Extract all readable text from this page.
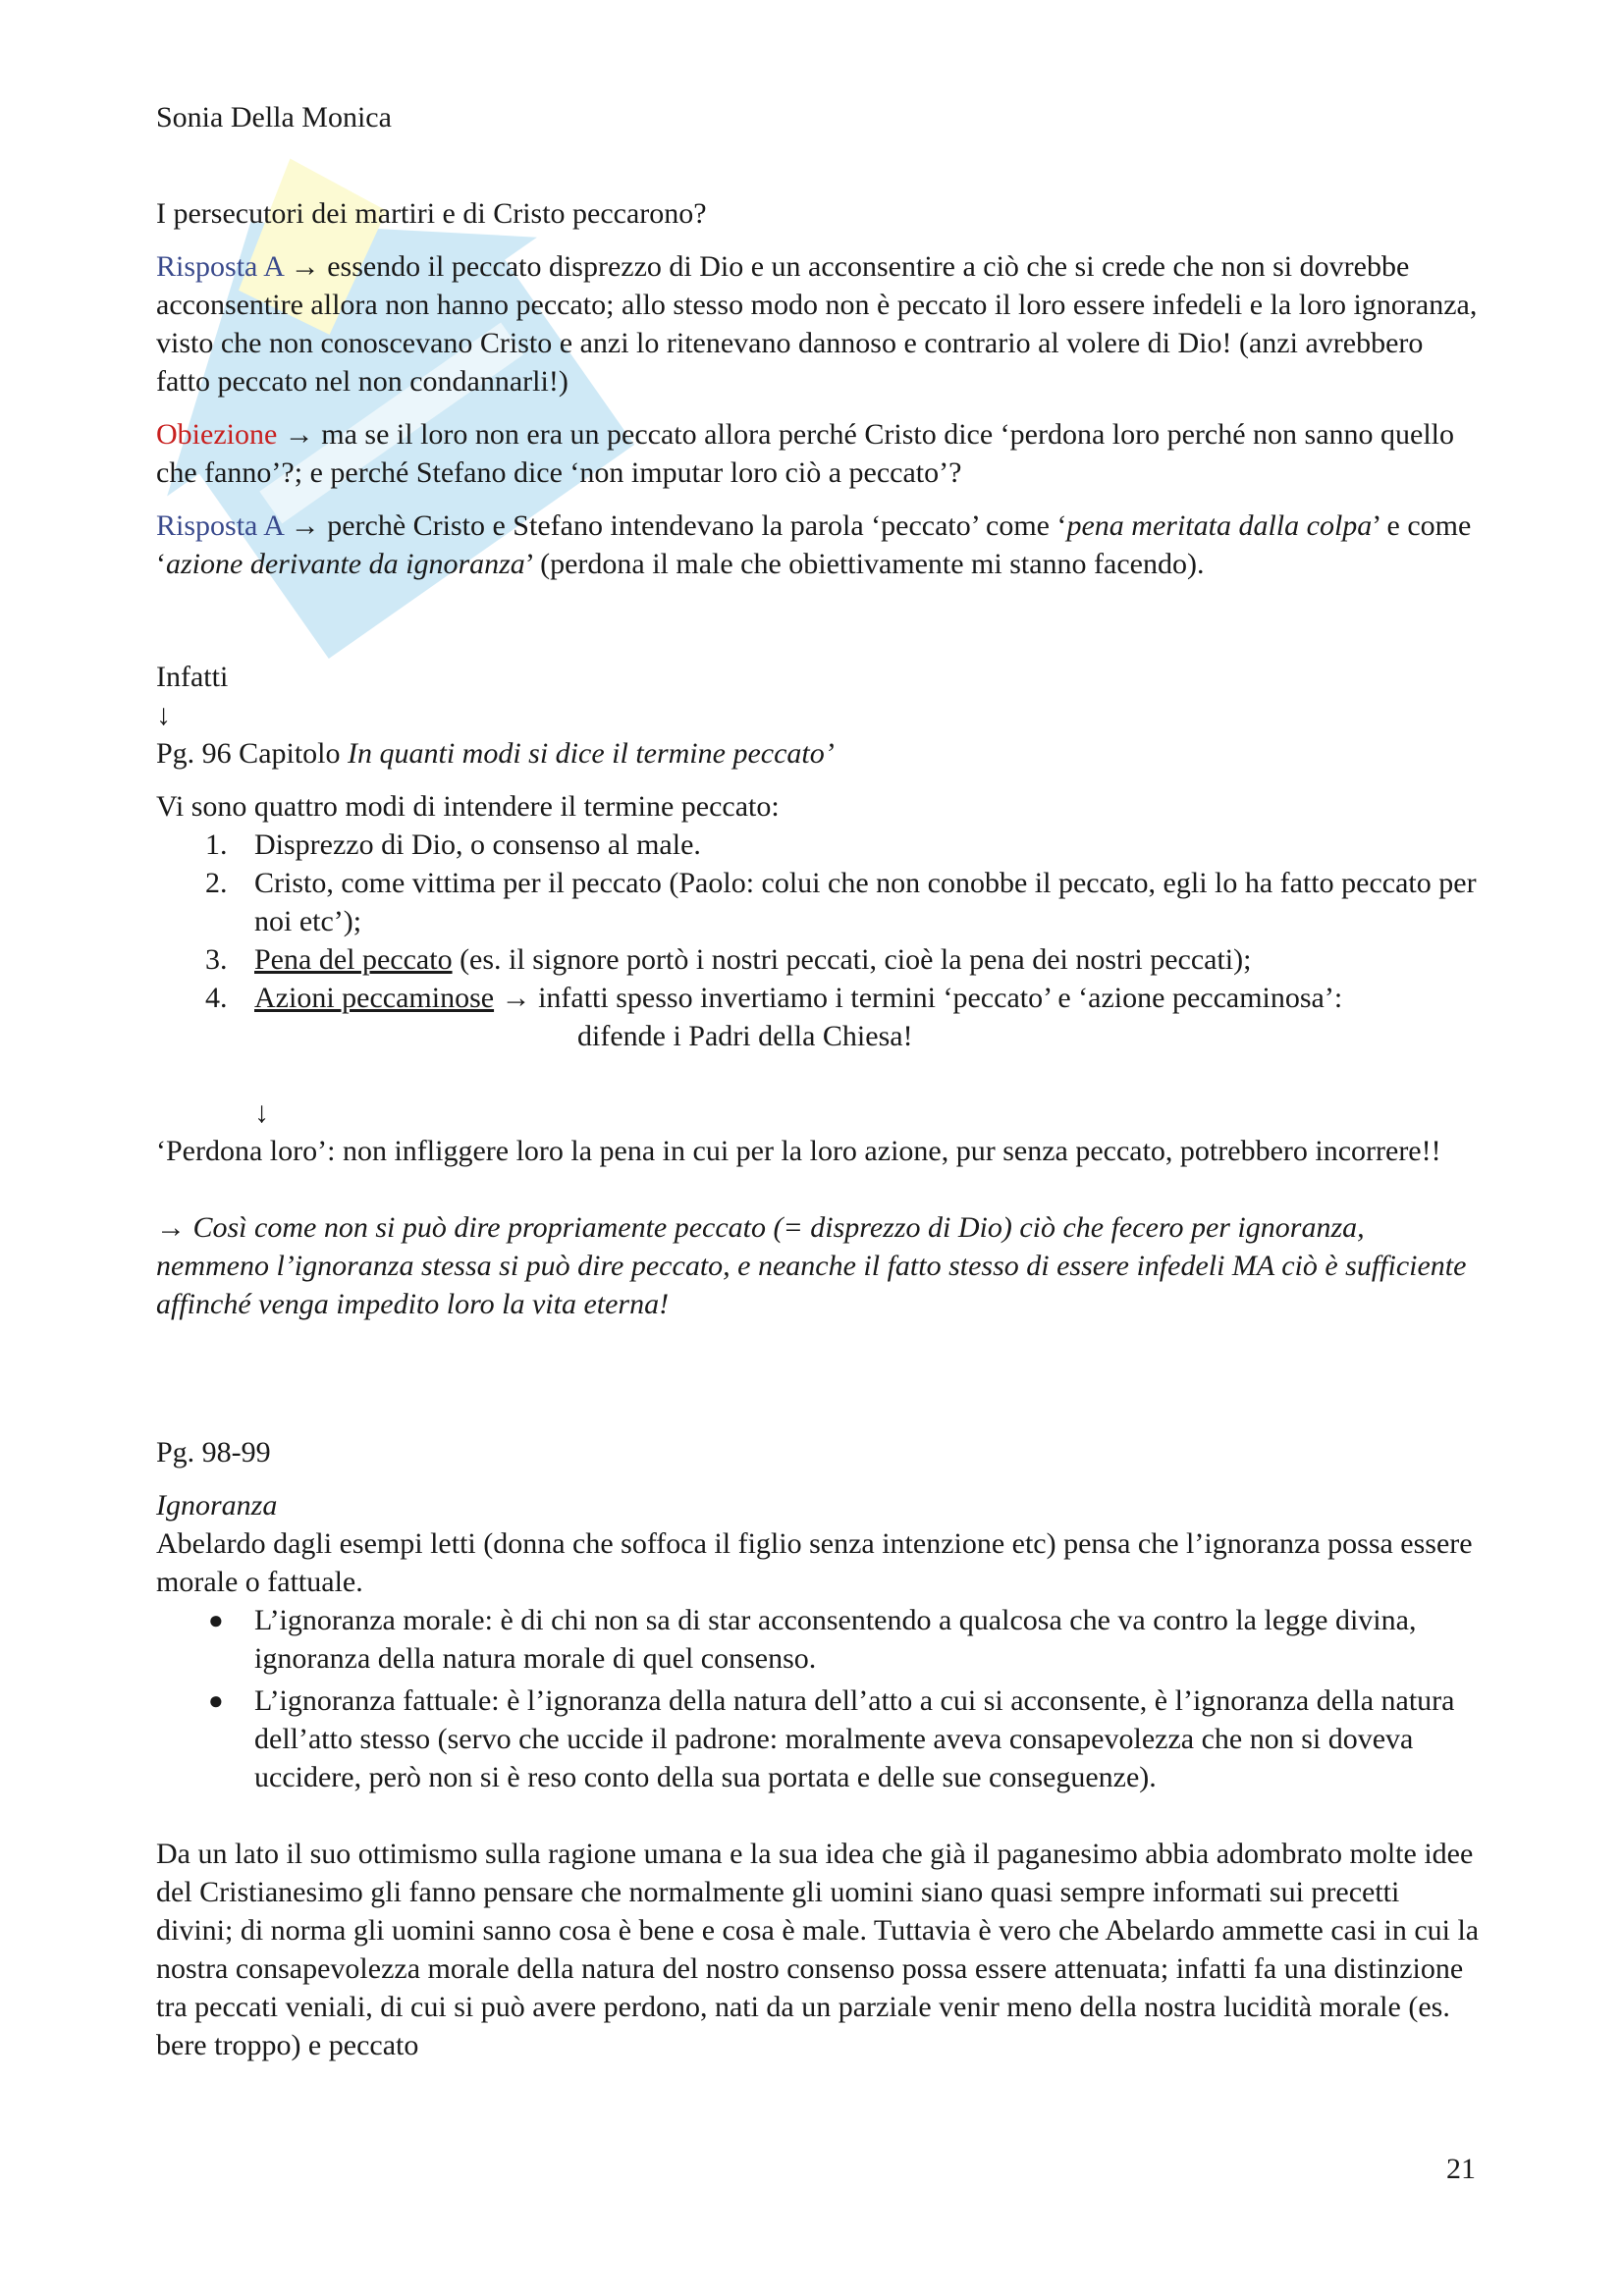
Sonia Della Monica

I persecutori dei martiri e di Cristo peccarono?

Risposta A → essendo il peccato disprezzo di Dio e un acconsentire a ciò che si crede che non si dovrebbe acconsentire allora non hanno peccato; allo stesso modo non è peccato il loro essere infedeli e la loro ignoranza, visto che non conoscevano Cristo e anzi lo ritenevano dannoso e contrario al volere di Dio! (anzi avrebbero fatto peccato nel non condannarli!)

Obiezione → ma se il loro non era un peccato allora perché Cristo dice ‘perdona loro perché non sanno quello che fanno’?; e perché Stefano dice ‘non imputar loro ciò a peccato’?

Risposta A → perchè Cristo e Stefano intendevano la parola ‘peccato’ come ‘pena meritata dalla colpa’ e come ‘azione derivante da ignoranza’ (perdona il male che obiettivamente mi stanno facendo).

Infatti

↓

Pg. 96 Capitolo In quanti modi si dice il termine peccato’

Vi sono quattro modi di intendere il termine peccato:

1. Disprezzo di Dio, o consenso al male.
2. Cristo, come vittima per il peccato (Paolo: colui che non conobbe il peccato, egli lo ha fatto peccato per noi etc’);
3. Pena del peccato (es. il signore portò i nostri peccati, cioè la pena dei nostri peccati);
4. Azioni peccaminose → infatti spesso invertiamo i termini ‘peccato’ e ‘azione peccaminosa’:

difende i Padri della Chiesa!

↓

‘Perdona loro’: non infliggere loro la pena in cui per la loro azione, pur senza peccato, potrebbero incorrere!!

→ Così come non si può dire propriamente peccato (= disprezzo di Dio) ciò che fecero per ignoranza, nemmeno l’ignoranza stessa si può dire peccato, e neanche il fatto stesso di essere infedeli MA ciò è sufficiente affinché venga impedito loro la vita eterna!

Pg. 98-99

Ignoranza

Abelardo dagli esempi letti (donna che soffoca il figlio senza intenzione etc) pensa che l’ignoranza possa essere morale o fattuale.

● L’ignoranza morale: è di chi non sa di star acconsentendo a qualcosa che va contro la legge divina, ignoranza della natura morale di quel consenso.
● L’ignoranza fattuale: è l’ignoranza della natura dell’atto a cui si acconsente, è l’ignoranza della natura dell’atto stesso (servo che uccide il padrone: moralmente aveva consapevolezza che non si doveva uccidere, però non si è reso conto della sua portata e delle sue conseguenze).

Da un lato il suo ottimismo sulla ragione umana e la sua idea che già il paganesimo abbia adombrato molte idee del Cristianesimo gli fanno pensare che normalmente gli uomini siano quasi sempre informati sui precetti divini; di norma gli uomini sanno cosa è bene e cosa è male. Tuttavia è vero che Abelardo ammette casi in cui la nostra consapevolezza morale della natura del nostro consenso possa essere attenuata; infatti fa una distinzione tra peccati veniali, di cui si può avere perdono, nati da un parziale venir meno della nostra lucidità morale (es. bere troppo) e peccato

21
